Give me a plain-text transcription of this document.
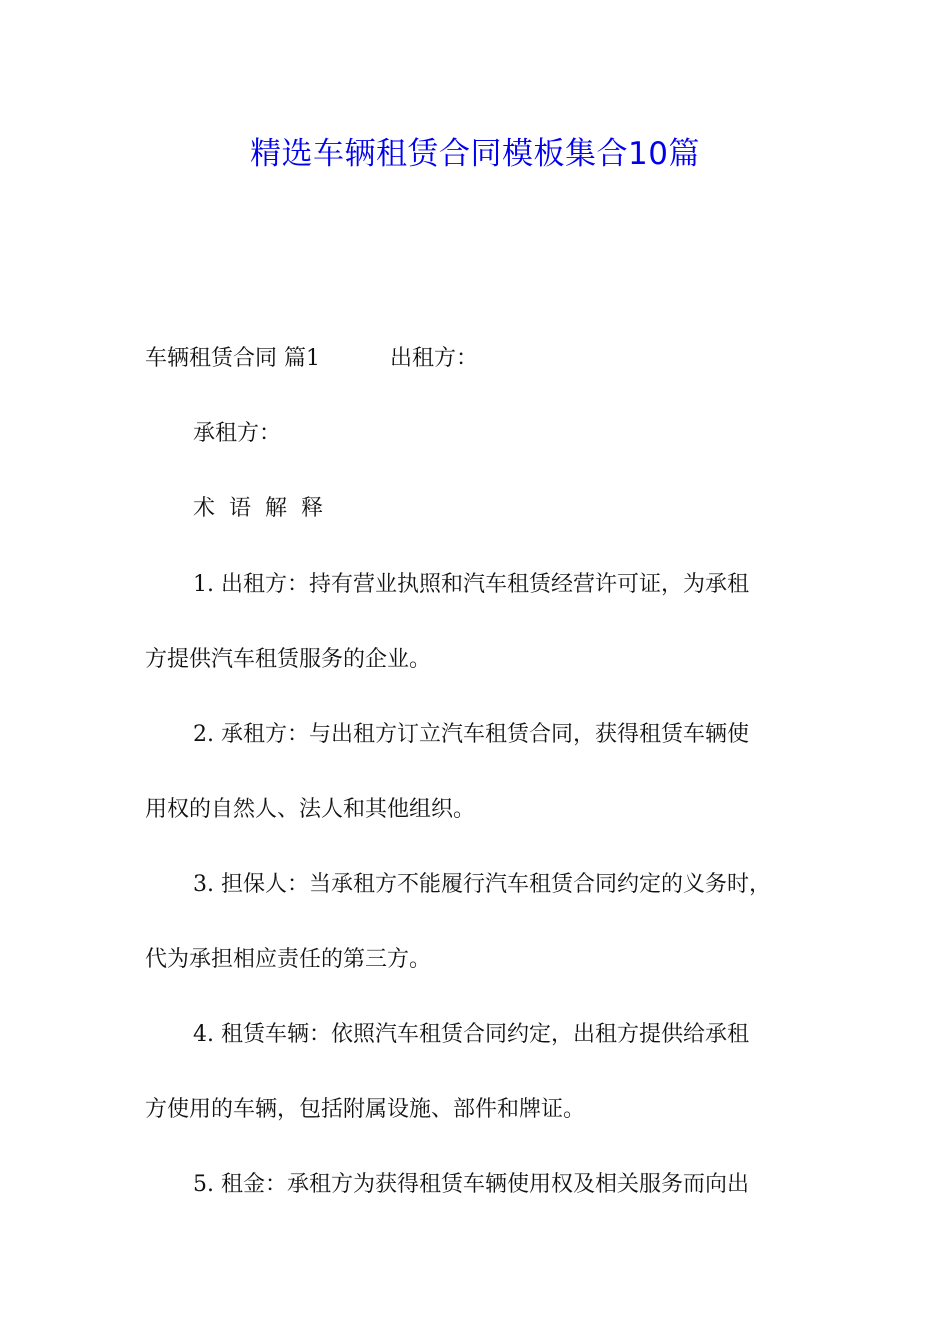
精选车辆租赁合同模板集合10篇
车辆租赁合同 篇1	出租方：
承租方：
术语解释
1. 出租方：持有营业执照和汽车租赁经营许可证，为承租
方提供汽车租赁服务的企业。
2. 承租方：与出租方订立汽车租赁合同，获得租赁车辆使
用权的自然人、法人和其他组织。
3. 担保人：当承租方不能履行汽车租赁合同约定的义务时，
代为承担相应责任的第三方。
4. 租赁车辆：依照汽车租赁合同约定，出租方提供给承租
方使用的车辆，包括附属设施、部件和牌证。
5. 租金：承租方为获得租赁车辆使用权及相关服务而向出
